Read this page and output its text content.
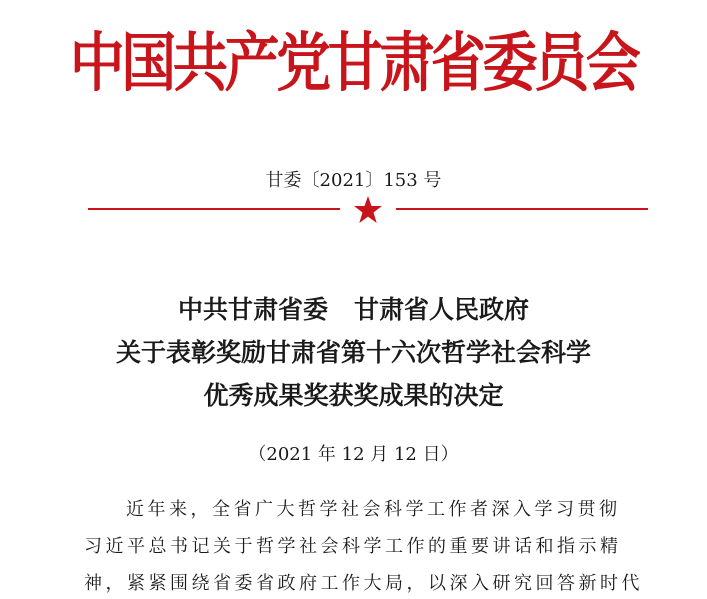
中国共产党甘肃省委员会
甘委〔2021〕153 号
中共甘肃省委 甘肃省人民政府
关于表彰奖励甘肃省第十六次哲学社会科学
优秀成果奖获奖成果的决定
（2021 年 12 月 12 日）
近年来，全省广大哲学社会科学工作者深入学习贯彻
习近平总书记关于哲学社会科学工作的重要讲话和指示精
神，紧紧围绕省委省政府工作大局，以深入研究回答新时代
